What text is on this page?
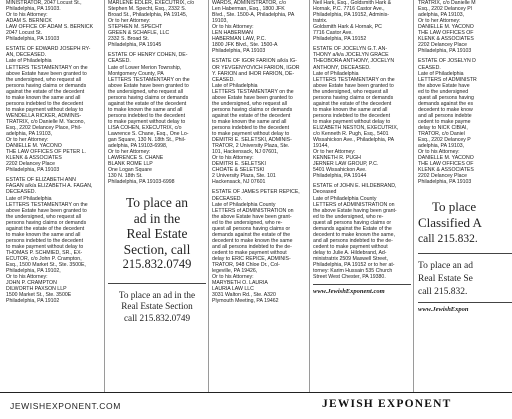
MINISTRATOR, 2047 Locust St.,
Philadelphia, PA 19103.
Or to his Attorney:
ADAM S. BERNICK
LAW OFFICE OF ADAM S. BERNICK
2047 Locust St.
Philadelphia, PA 19103

ESTATE OF EDWARD JOSEPH RY-
AN, DECEASED.
Late of Philadelphia
LETTERS TESTAMENTARY on the
above Estate have been granted to
the undersigned, who request all
persons having claims or demands
against the estate of the decedent
to make known the same and all
persons indebted to the decedent
to make payment without delay to
WENDELLA RICKER, ADMINIS-
TRATRIX, c/o Danielle M. Yacono,
Esq., 2202 Delancey Place, Phil-
adelphia, PA 19103,
Or to her Attorney:
DANIELLE M. YACONO
THE LAW OFFICES OF PETER L.
KLENK & ASSOCIATES
2202 Delancey Place
Philadelphia, PA 19103

ESTATE OF ELIZABETH ANN
FAGAN a/k/a ELIZABETH A. FAGAN,
DECEASED.
Late of Philadelphia
LETTERS TESTAMENTARY on the
above Estate have been granted to
the undersigned, who request all
persons having claims or demands
against the estate of the decedent
to make known the same and all
persons indebted to the decedent
to make payment without delay to
THOMAS P. SCHMIED, SR., EX-
ECUTOR, c/o John P. Crampton,
Esq., 1500 Market St., Ste. 3500E,
Philadelphia, PA 19102,
Or to his Attorney:
JOHN P. CRAMPTON
DILWORTH PAXSON LLP
1500 Market St., Ste. 3500E
Philadelphia, PA 19102

MARLENE EDLER, EXECUTRIX, c/o
Stephen M. Specht, Esq., 2332 S.
Broad St., Philadelphia, PA 19145,
Or to her Attorney:
STEPHEN M. SPECHT
GREEN & SCHAFLE, LLC
2332 S. Broad St.
Philadelphia, PA 19145

ESTATE OF HENRY COHEN, DE-
CEASED.
Late of Lower Merion Township,
Montgomery County, PA
LETTERS TESTAMENTARY on the
above Estate have been granted to
the undersigned, who request all
persons having claims or demands
against the estate of the decedent
to make known the same and all
persons indebted to the decedent
to make payment without delay to
LISA COHEN, EXECUTRIX, c/o
Lawrence S. Chane, Esq., One Lo-
gan Square, 130 N. 18th St., Phil-
adelphia, PA 19103-6998,
Or to her Attorney:
LAWRENCE S. CHANE
BLANK ROME LLP
One Logan Square
130 N. 18th St.
Philadelphia, PA 19103-6998

To place an
ad in the
Real Estate
Section, call
215.832.0749
To place an ad in the
Real Estate Section
call 215.832.0749

WARDS, ADMINISTRATOR, c/o
Len Haberman, Esq., 1800 JFK
Blvd., Ste. 1500-A, Philadelphia, PA
19103,
Or to his Attorney:
LEN HABERMAN
HABERMAN LAW, P.C.
1800 JFK Blvd., Ste. 1500-A
Philadelphia, PA 19103

ESTATE OF IGOR FARION a/k/a IG-
OR YEVGENYOVICH FARION, IGOR
Y. FARION and IHOR FARION, DE-
CEASED.
Late of Philadelphia
LETTERS TESTAMENTARY on the
above Estate have been granted to
the undersigned, who request all
persons having claims or demands
against the estate of the decedent
to make known the same and all
persons indebted to the decedent
to make payment without delay to
DEMITRI E. SELETSKI, ADMINIS-
TRATOR, 2 University Plaza, Ste.
101, Hackensack, NJ 07601,
Or to his Attorney:
DEMITRI E. SELETSKI
CHOATE & SELETSKI
2 University Plaza, Ste. 101
Hackensack, NJ 07601

ESTATE OF JAMES PETER REPICE,
DECEASED.
Late of Philadelphia County
LETTERS of ADMINISTRATION on
the above Estate have been grant-
ed to the undersigned, who re-
quest all persons having claims or
demands against the estate of the
decedent to make known the same
and all persons indebted to the de-
cedent to make payment without
delay to ERIC REPICE, ADMINIS-
TRATOR, 948 Chloe Dr., Col-
legeville, PA 19426,
Or to his Attorney:
MARYBETH O. LAURIA
LAURIA LAW LLC
3031 Walton Rd., Ste. A320
Plymouth Meeting, PA 19462

Neil Hark, Esq., Goldsmith Hark &
Hornak, P.C. 7716 Castor Ave.,
Philadelphia, PA 19152, Adminis-
tratrix.
Goldsmith Hark & Hornak, PC
7716 Castor Ave.
Philadelphia, PA 19152

ESTATE OF JOCELYN G.T. AN-
THONY a/k/a JOCELYN GRACE
THEOBORA ANTHONY, JOCELYN
ANTHONY, DECEASED.
Late of Philadelphia
LETTERS TESTAMENTARY on the
above Estate have been granted to
the undersigned, who request all
persons having claims or demands
against the estate of the decedent
to make known the same and all
persons indebted to the decedent
to make payment without delay to
ELIZABETH NESTON, EXECUTRIX,
c/o Kenneth R. Pugh, Esq., 5401
Wissahickon Ave., Philadelphia, PA
19144,
Or to her Attorney:
KENNETH R. PUGH
JERNER LAW GROUP, P.C.
5401 Wissahickon Ave.
Philadelphia, PA 19144

ESTATE of JOHN E. HILDEBRAND,
Deceased
Late of Philadelphia County
LETTERS of ADMINISTRATION on
the above Estate having been grant-
ed to the undersigned, who re-
quest all persons having claims or
demands against the Estate of the
decedent to make known the same,
and all persons indebted to the de-
cedent to make payment without
delay to Julie A. Hildebrand, Ad-
ministratrix 2509 Maxwell Street,
Philadelphia, PA 19152 or to her at-
torney: Karim Hussain 535 Church
Street West Chester, PA 19380.

www.JewishExponent.com

TRATRIX, c/o Danielle M
Esq., 2202 Delancey Pl
adelphia, PA 19103,
Or to her Attorney:
DANIELLE M. YACONO
THE LAW OFFICES OF
KLENK & ASSOCIATES
2202 Delancey Place
Philadelphia, PA 19103

ESTATE OF JOSELYN D
CEASED.
Late of Philadelphia
LETTERS of ADMINISTR
the above Estate have
ed to the undersigned
quest all persons having
demands against the es
decedent to make know
and all persons indebte
cedent to make payme
delay to NICK CIBIAI,
TRATOR, c/o Daniel
Esq., 2202 Delancey P
adelphia, PA 19103,
Or to his Attorney:
DANIELLE M. YACONO
THE LAW OFFICES OF
KLENK & ASSOCIATES
2202 Delancey Place
Philadelphia, PA 19103

To place
Classified A
call 215.832.
To place an ad
Real Estate Se
call 215.832.
www.JewishExpon
JEWISHEXPONENT.COM	JEWISH EXPONENT
